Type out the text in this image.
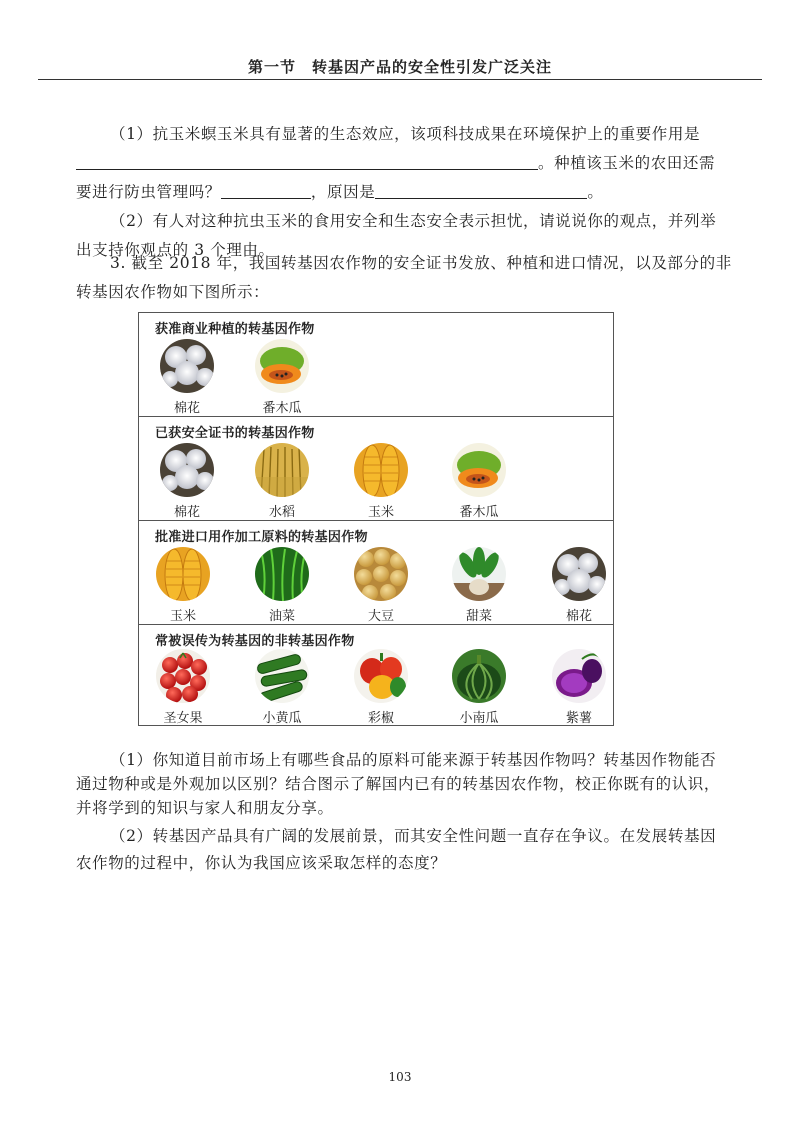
第一节　转基因产品的安全性引发广泛关注
（1）抗玉米螟玉米具有显著的生态效应，该项科技成果在环境保护上的重要作用是
。种植该玉米的农田还需
要进行防虫管理吗？	，原因是	。
（2）有人对这种抗虫玉米的食用安全和生态安全表示担忧，请说说你的观点，并列举
出支持你观点的 3 个理由。
3. 截至 2018 年，我国转基因农作物的安全证书发放、种植和进口情况，以及部分的非
转基因农作物如下图所示：
获准商业种植的转基因作物
棉花	番木瓜
已获安全证书的转基因作物
棉花	水稻	玉米	番木瓜
批准进口用作加工原料的转基因作物
玉米	油菜	大豆	甜菜	棉花
常被误传为转基因的非转基因作物
圣女果	小黄瓜	彩椒	小南瓜	紫薯
（1）你知道目前市场上有哪些食品的原料可能来源于转基因作物吗？转基因作物能否
通过物种或是外观加以区别？结合图示了解国内已有的转基因农作物，校正你既有的认识，
并将学到的知识与家人和朋友分享。
（2）转基因产品具有广阔的发展前景，而其安全性问题一直存在争议。在发展转基因
农作物的过程中，你认为我国应该采取怎样的态度？
103
